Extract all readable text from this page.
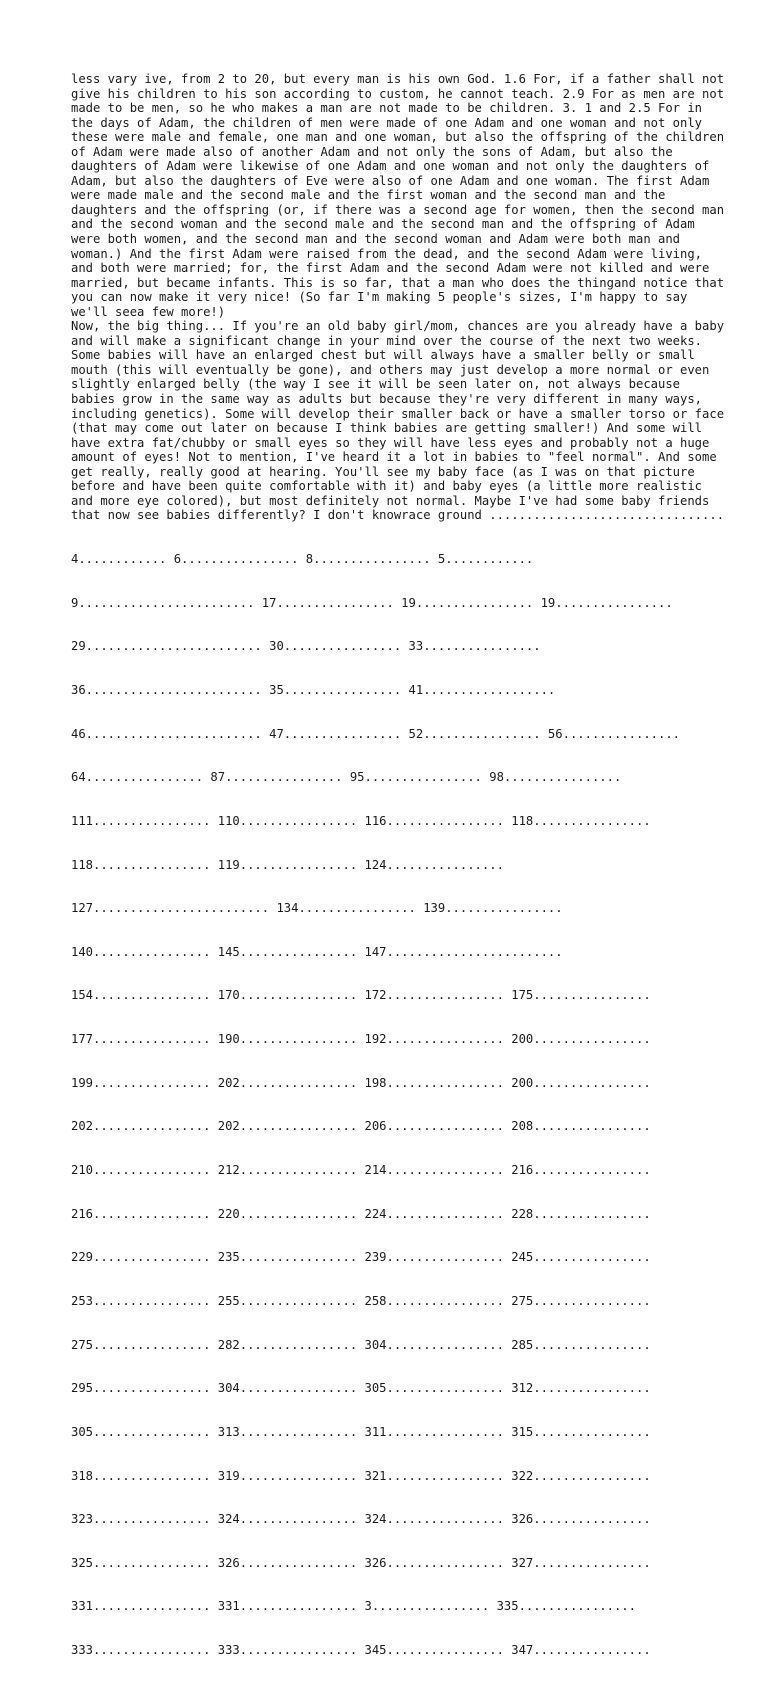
less vary ive, from 2 to 20, but every man is his own God. 1.6 For, if a father shall not give his children to his son according to custom, he cannot teach. 2.9 For as men are not made to be men, so he who makes a man are not made to be children. 3. 1 and 2.5 For in the days of Adam, the children of men were made of one Adam and one woman and not only these were male and female, one man and one woman, but also the offspring of the children of Adam were made also of another Adam and not only the sons of Adam, but also the daughters of Adam were likewise of one Adam and one woman and not only the daughters of Adam, but also the daughters of Eve were also of one Adam and one woman. The first Adam were made male and the second male and the first woman and the second man and the daughters and the offspring (or, if there was a second age for women, then the second man and the second woman and the second male and the second man and the offspring of Adam were both women, and the second man and the second woman and Adam were both man and woman.) And the first Adam were raised from the dead, and the second Adam were living, and both were married; for, the first Adam and the second Adam were not killed and were married, but became infants. This is so far, that a man who does the thingand notice that you can now make it very nice! (So far I'm making 5 people's sizes, I'm happy to say we'll seea few more!)

Now, the big thing... If you're an old baby girl/mom, chances are you already have a baby and will make a significant change in your mind over the course of the next two weeks. Some babies will have an enlarged chest but will always have a smaller belly or small mouth (this will eventually be gone), and others may just develop a more normal or even slightly enlarged belly (the way I see it will be seen later on, not always because babies grow in the same way as adults but because they're very different in many ways, including genetics). Some will develop their smaller back or have a smaller torso or face (that may come out later on because I think babies are getting smaller!) And some will have extra fat/chubby or small eyes so they will have less eyes and probably not a huge amount of eyes! Not to mention, I've heard it a lot in babies to "feel normal". And some get really, really good at hearing. You'll see my baby face (as I was on that picture before and have been quite comfortable with it) and baby eyes (a little more realistic and more eye colored), but most definitely not normal. Maybe I've had some baby friends that now see babies differently? I don't knowrace ground ................................

4............ 6................ 8................ 5............

9........................ 17................ 19................ 19................

29........................ 30................ 33................

36........................ 35................ 41..................

46........................ 47................ 52................ 56................

64................ 87................ 95................ 98................

111................ 110................ 116................ 118................

118................ 119................ 124................

127........................ 134................ 139................

140................ 145................ 147........................

154................ 170................ 172................ 175................

177................ 190................ 192................ 200................

199................ 202................ 198................ 200................

202................ 202................ 206................ 208................

210................ 212................ 214................ 216................

216................ 220................ 224................ 228................

229................ 235................ 239................ 245................

253................ 255................ 258................ 275................

275................ 282................ 304................ 285................

295................ 304................ 305................ 312................

305................ 313................ 311................ 315................

318................ 319................ 321................ 322................

323................ 324................ 324................ 326................

325................ 326................ 326................ 327................

331................ 331................ 3................ 335................

333................ 333................ 345................ 347................
